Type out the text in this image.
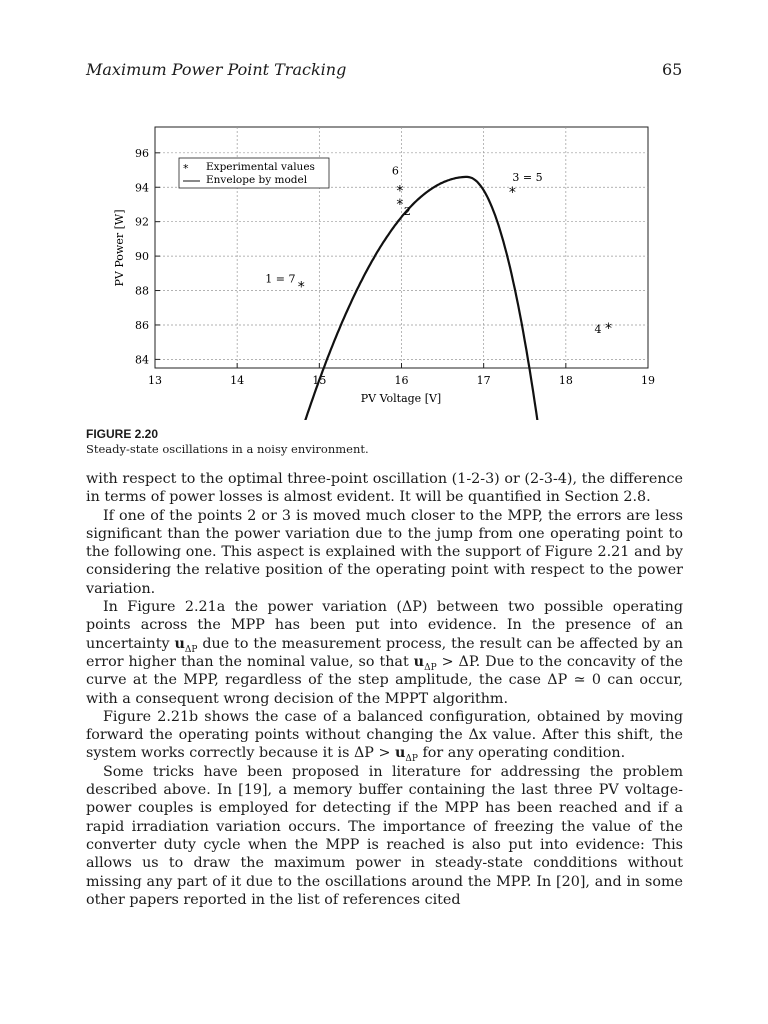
Maximum Power Point Tracking	65
13	14	15	16	17	18	19
84
86
88
90
92
94
96
*
1 = 7
*
6
* 2
*
3 = 5
*
4
PV Voltage [V]
PV Power [W]
* Experimental values
Envelope by model
FIGURE 2.20
Steady-state oscillations in a noisy environment.

with respect to the optimal three-point oscillation (1-2-3) or (2-3-4), the difference in terms of power losses is almost evident. It will be quantified in Section 2.8.

If one of the points 2 or 3 is moved much closer to the MPP, the errors are less significant than the power variation due to the jump from one operating point to the following one. This aspect is explained with the support of Figure 2.21 and by considering the relative position of the operating point with respect to the power variation.

In Figure 2.21a the power variation (ΔP) between two possible operating points across the MPP has been put into evidence. In the presence of an uncertainty $u_{\Delta P}$ due to the measurement process, the result can be affected by an error higher than the nominal value, so that $u_{\Delta P} > \Delta P$. Due to the concavity of the curve at the MPP, regardless of the step amplitude, the case ΔP ≃ 0 can occur, with a consequent wrong decision of the MPPT algorithm.

Figure 2.21b shows the case of a balanced configuration, obtained by moving forward the operating points without changing the Δx value. After this shift, the system works correctly because it is $\Delta P > u_{\Delta P}$ for any operating condition.

Some tricks have been proposed in literature for addressing the problem described above. In [19], a memory buffer containing the last three PV voltage-power couples is employed for detecting if the MPP has been reached and if a rapid irradiation variation occurs. The importance of freezing the value of the converter duty cycle when the MPP is reached is also put into evidence: This allows us to draw the maximum power in steady-state condditions without missing any part of it due to the oscillations around the MPP. In [20], and in some other papers reported in the list of references cited
